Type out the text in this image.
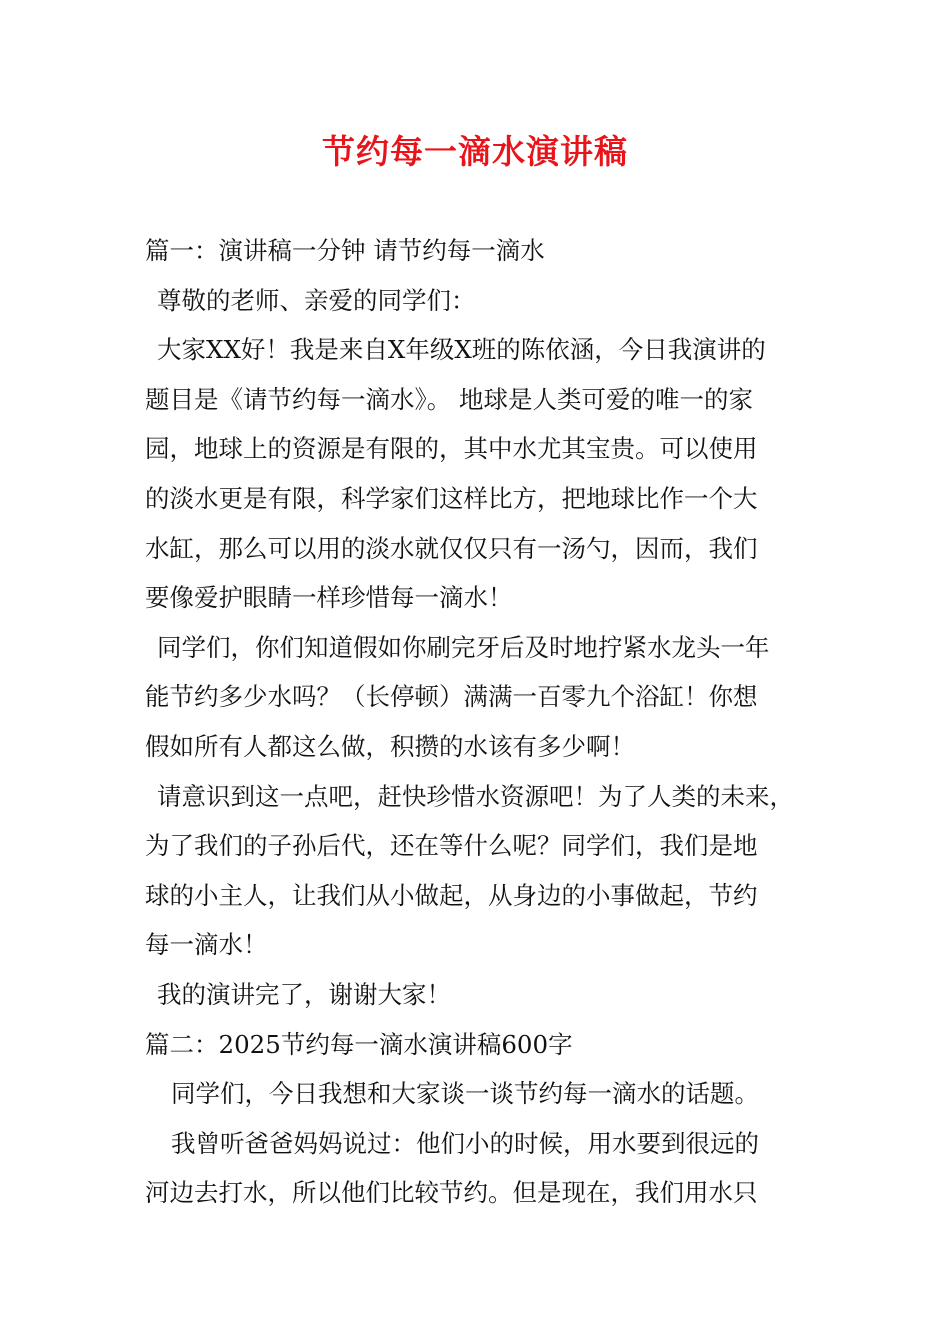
节约每一滴水演讲稿
篇一：演讲稿一分钟 请节约每一滴水
尊敬的老师、亲爱的同学们：
大家XX好！我是来自X年级X班的陈依涵，今日我演讲的
题目是《请节约每一滴水》。 地球是人类可爱的唯一的家
园，地球上的资源是有限的，其中水尤其宝贵。可以使用
的淡水更是有限，科学家们这样比方，把地球比作一个大
水缸，那么可以用的淡水就仅仅只有一汤勺，因而，我们
要像爱护眼睛一样珍惜每一滴水！
同学们，你们知道假如你刷完牙后及时地拧紧水龙头一年
能节约多少水吗？（长停顿）满满一百零九个浴缸！你想
假如所有人都这么做，积攒的水该有多少啊！
请意识到这一点吧，赶快珍惜水资源吧！为了人类的未来，
为了我们的子孙后代，还在等什么呢？同学们，我们是地
球的小主人，让我们从小做起，从身边的小事做起，节约
每一滴水！
我的演讲完了，谢谢大家！
篇二：2025节约每一滴水演讲稿600字
同学们，今日我想和大家谈一谈节约每一滴水的话题。
我曾听爸爸妈妈说过：他们小的时候，用水要到很远的
河边去打水，所以他们比较节约。但是现在，我们用水只
